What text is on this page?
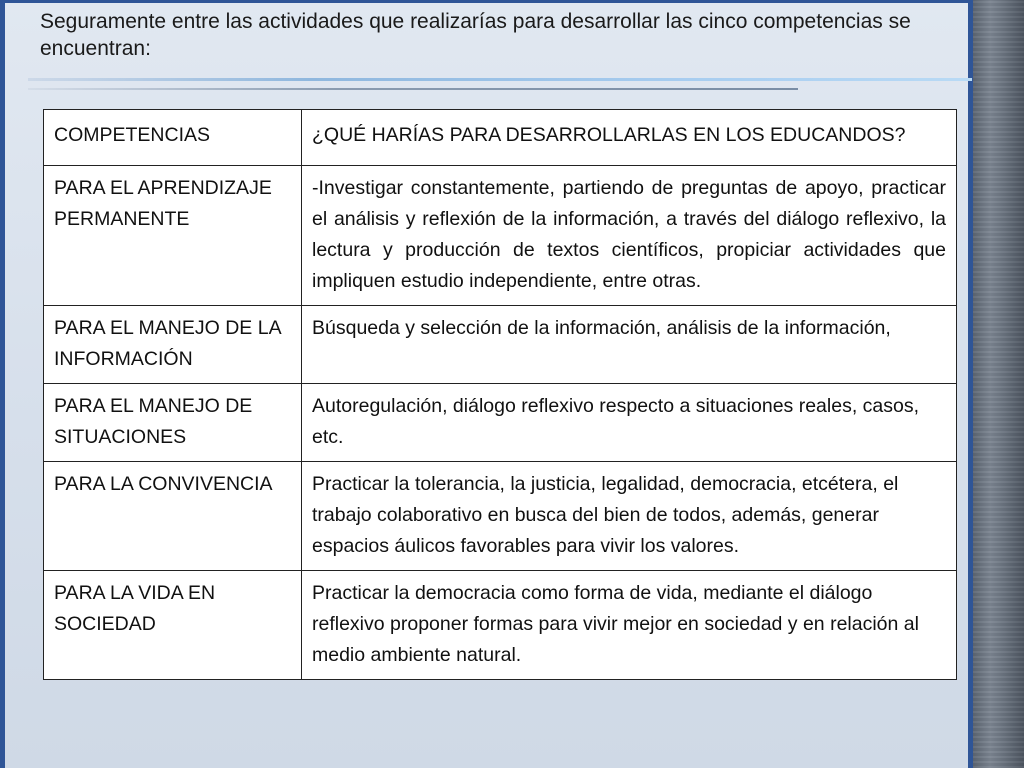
Seguramente entre las actividades que realizarías para desarrollar las cinco competencias se encuentran:

COMPETENCIAS	¿QUÉ HARÍAS PARA DESARROLLARLAS EN LOS EDUCANDOS?
PARA EL APRENDIZAJE PERMANENTE	-Investigar constantemente, partiendo de preguntas de apoyo, practicar el análisis y reflexión de la información, a través del diálogo reflexivo, la lectura y producción de textos científicos, propiciar actividades que impliquen estudio independiente, entre otras.
PARA EL MANEJO DE LA INFORMACIÓN	Búsqueda y selección de la información, análisis de la información,
PARA EL MANEJO DE SITUACIONES	Autoregulación, diálogo reflexivo respecto a situaciones reales, casos, etc.
PARA LA CONVIVENCIA	Practicar la tolerancia, la justicia, legalidad, democracia, etcétera, el trabajo colaborativo en busca del bien de todos, además, generar espacios áulicos favorables para vivir los valores.
PARA LA VIDA EN SOCIEDAD	Practicar la democracia como forma de vida, mediante el diálogo reflexivo proponer formas para vivir mejor en sociedad y en relación al medio ambiente natural.
